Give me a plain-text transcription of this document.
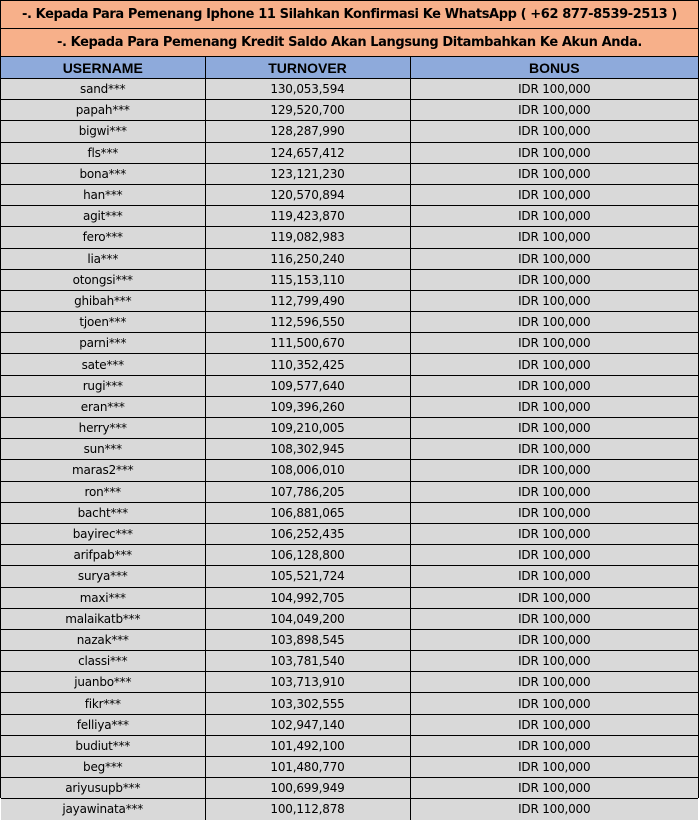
-. Kepada Para Pemenang Iphone 11 Silahkan Konfirmasi Ke WhatsApp ( +62 877-8539-2513 )
-. Kepada Para Pemenang Kredit Saldo Akan Langsung Ditambahkan Ke Akun Anda.
USERNAME	TURNOVER	BONUS
sand***	130,053,594	IDR 100,000
papah***	129,520,700	IDR 100,000
bigwi***	128,287,990	IDR 100,000
fls***	124,657,412	IDR 100,000
bona***	123,121,230	IDR 100,000
han***	120,570,894	IDR 100,000
agit***	119,423,870	IDR 100,000
fero***	119,082,983	IDR 100,000
lia***	116,250,240	IDR 100,000
otongsi***	115,153,110	IDR 100,000
ghibah***	112,799,490	IDR 100,000
tjoen***	112,596,550	IDR 100,000
parni***	111,500,670	IDR 100,000
sate***	110,352,425	IDR 100,000
rugi***	109,577,640	IDR 100,000
eran***	109,396,260	IDR 100,000
herry***	109,210,005	IDR 100,000
sun***	108,302,945	IDR 100,000
maras2***	108,006,010	IDR 100,000
ron***	107,786,205	IDR 100,000
bacht***	106,881,065	IDR 100,000
bayirec***	106,252,435	IDR 100,000
arifpab***	106,128,800	IDR 100,000
surya***	105,521,724	IDR 100,000
maxi***	104,992,705	IDR 100,000
malaikatb***	104,049,200	IDR 100,000
nazak***	103,898,545	IDR 100,000
classi***	103,781,540	IDR 100,000
juanbo***	103,713,910	IDR 100,000
fikr***	103,302,555	IDR 100,000
felliya***	102,947,140	IDR 100,000
budiut***	101,492,100	IDR 100,000
beg***	101,480,770	IDR 100,000
ariyusupb***	100,699,949	IDR 100,000
jayawinata***	100,112,878	IDR 100,000
